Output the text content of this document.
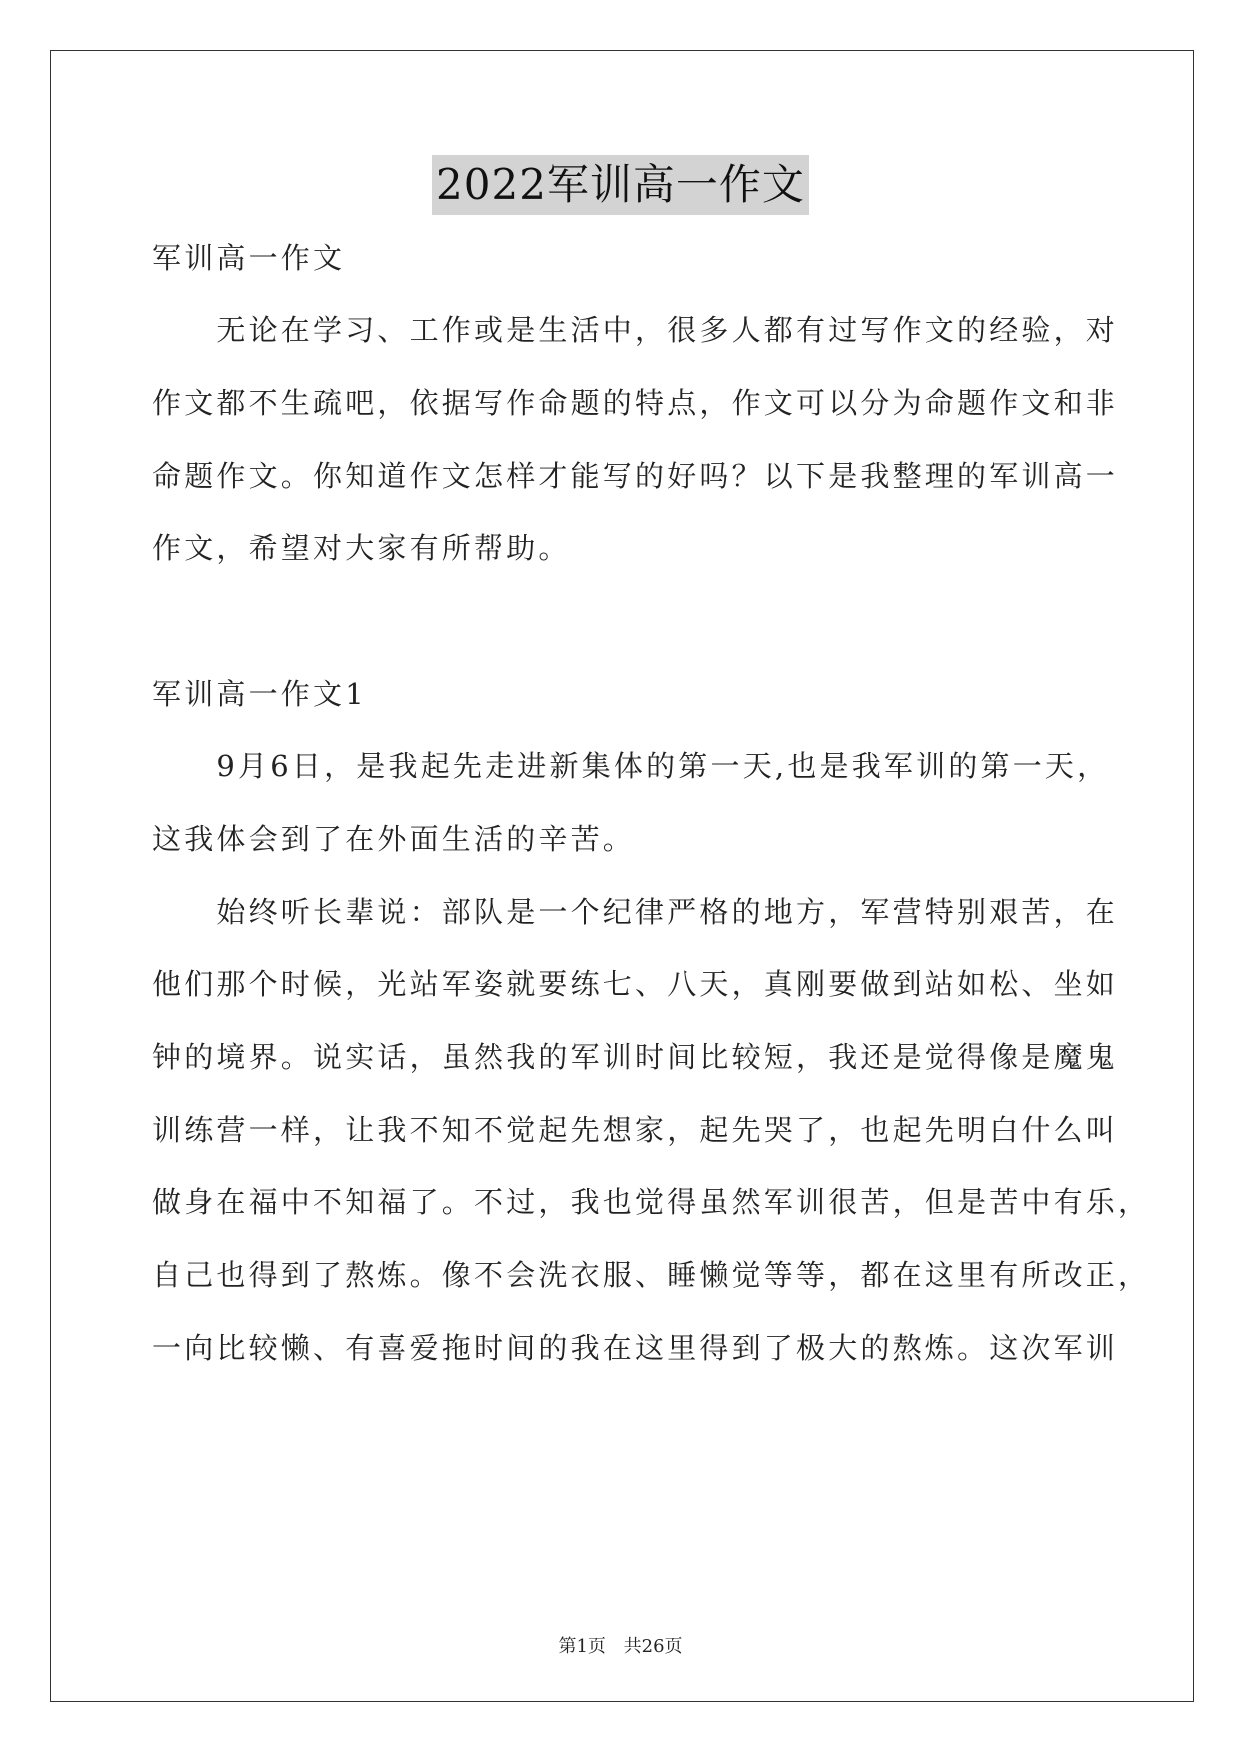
2022军训高一作文
军训高一作文
　　无论在学习、工作或是生活中，很多人都有过写作文的经验，对
作文都不生疏吧，依据写作命题的特点，作文可以分为命题作文和非
命题作文。你知道作文怎样才能写的好吗？以下是我整理的军训高一
作文，希望对大家有所帮助。
军训高一作文1
　　9月6日，是我起先走进新集体的第一天,也是我军训的第一天，
这我体会到了在外面生活的辛苦。
　　始终听长辈说：部队是一个纪律严格的地方，军营特别艰苦，在
他们那个时候，光站军姿就要练七、八天，真刚要做到站如松、坐如
钟的境界。说实话，虽然我的军训时间比较短，我还是觉得像是魔鬼
训练营一样，让我不知不觉起先想家，起先哭了，也起先明白什么叫
做身在福中不知福了。不过，我也觉得虽然军训很苦，但是苦中有乐，
自己也得到了熬炼。像不会洗衣服、睡懒觉等等，都在这里有所改正，
一向比较懒、有喜爱拖时间的我在这里得到了极大的熬炼。这次军训
第1页 共26页
